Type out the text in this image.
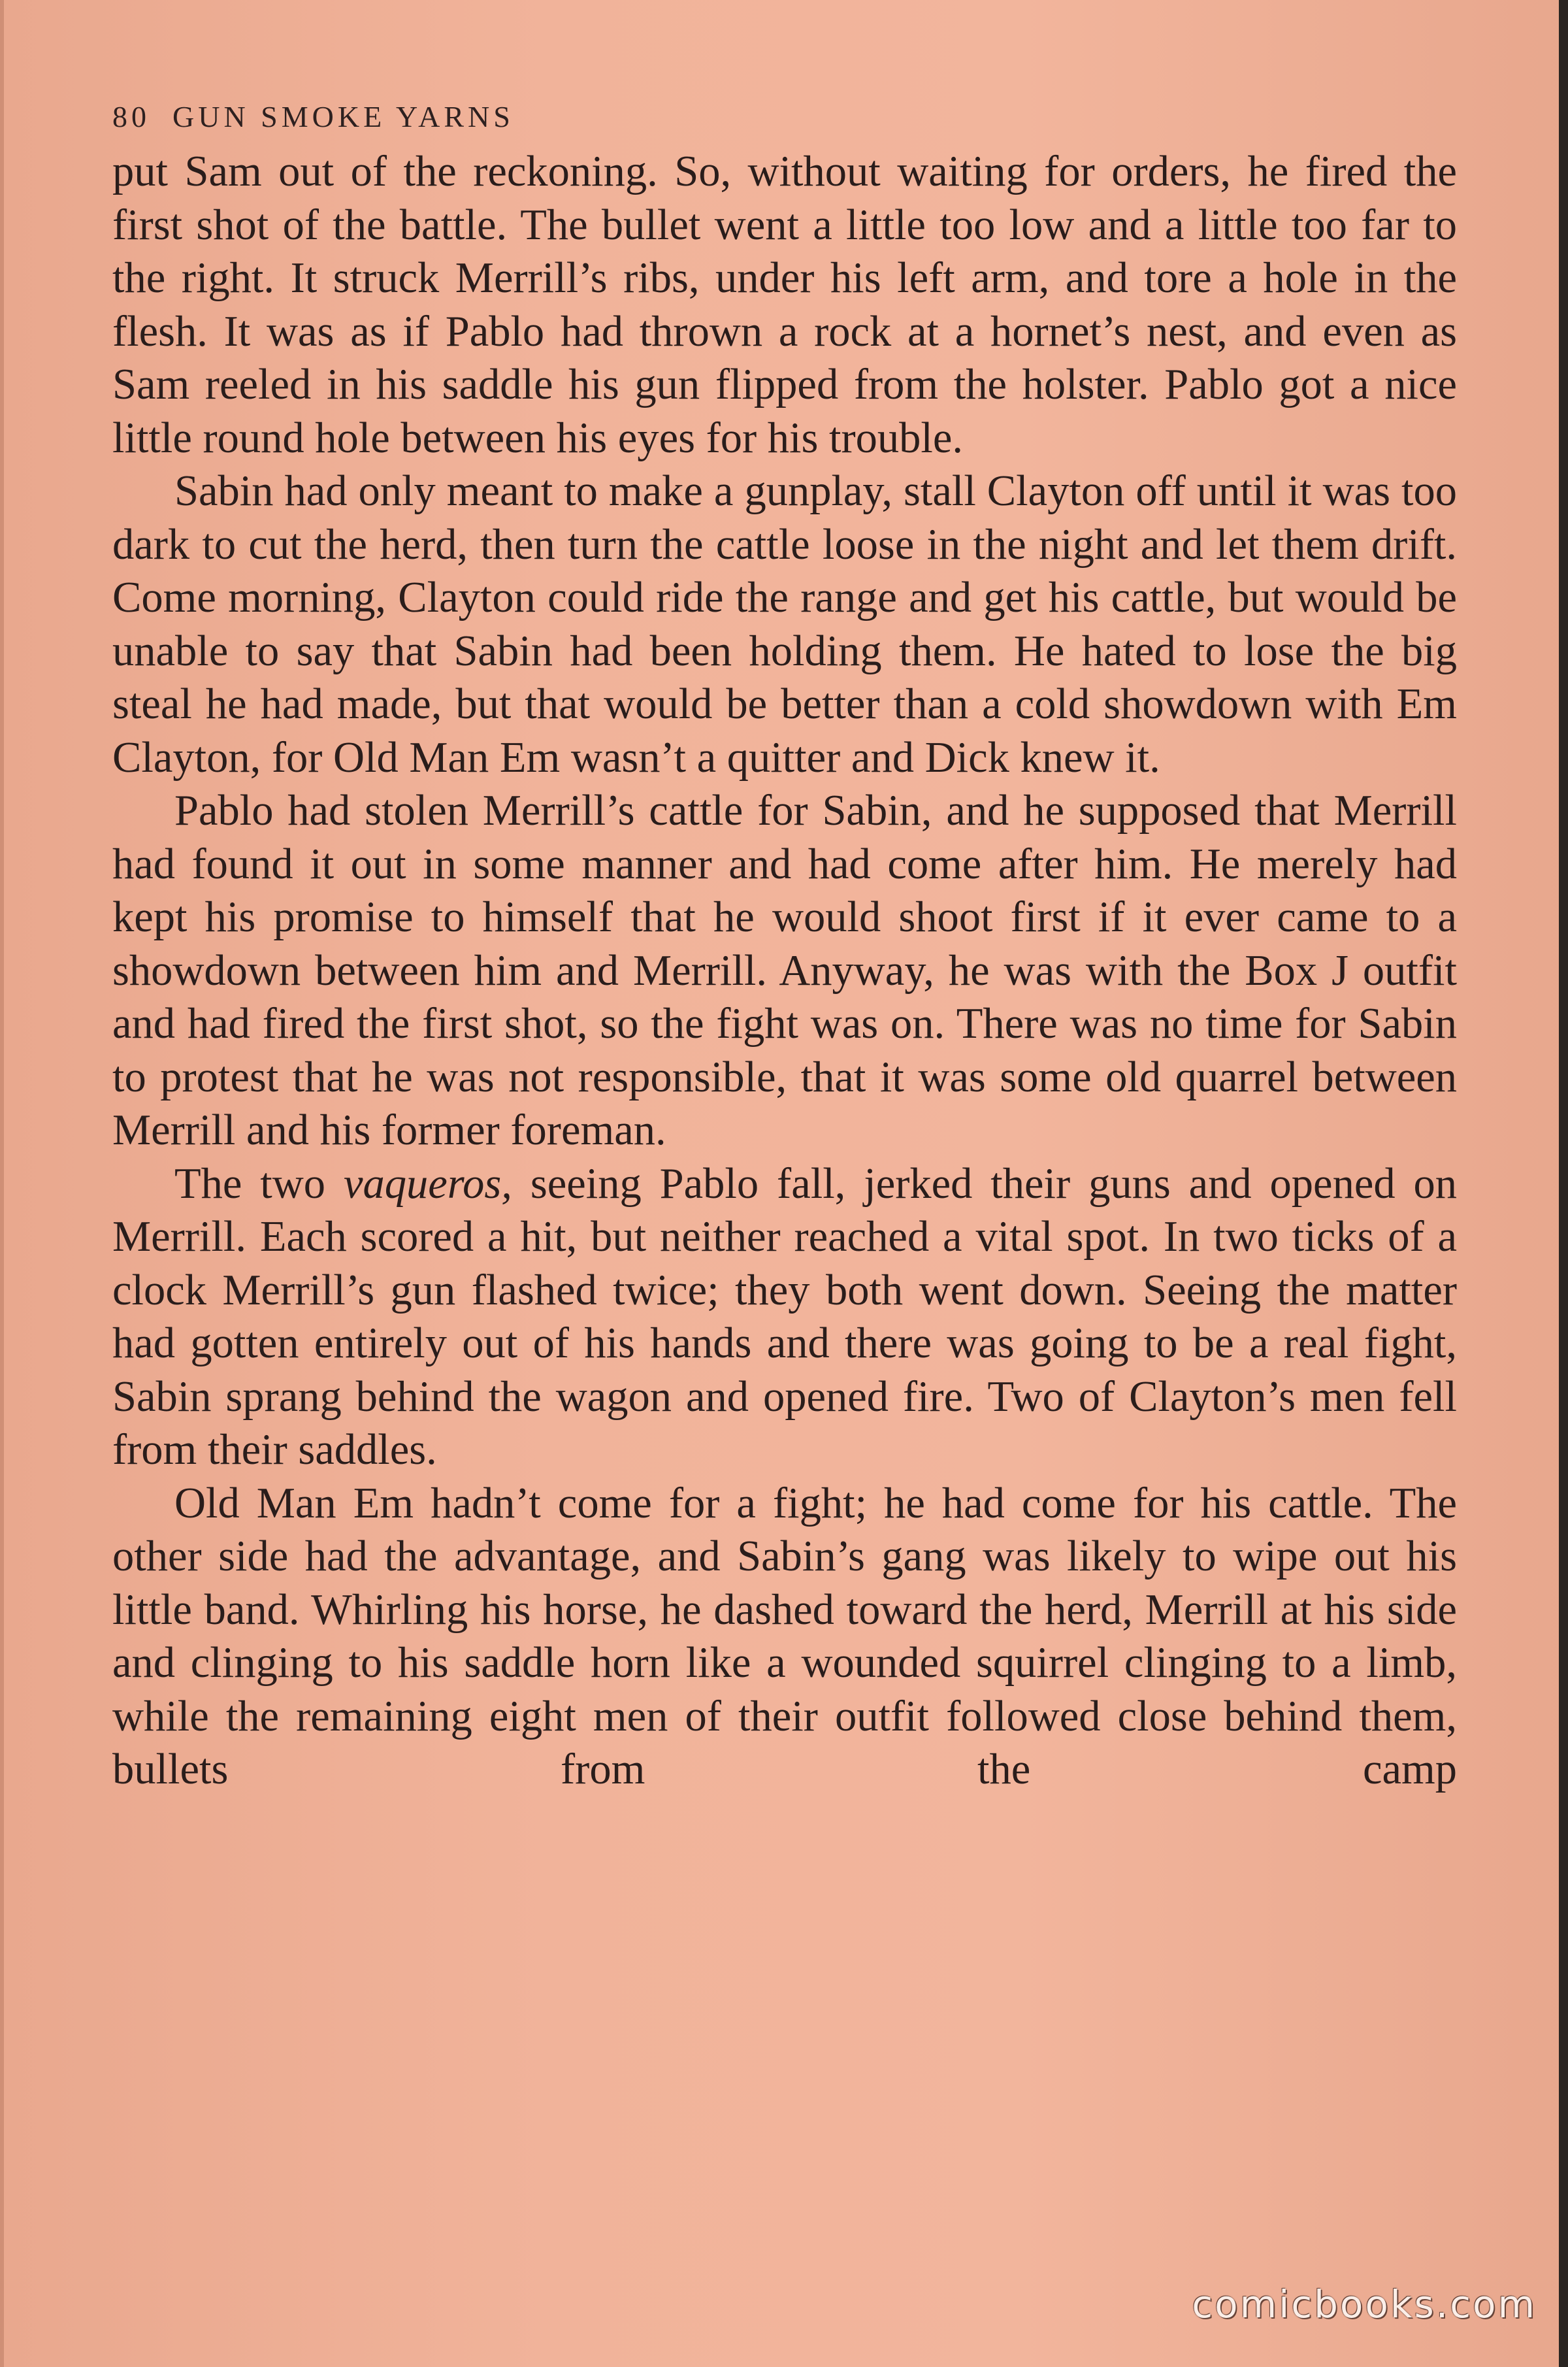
80 GUN SMOKE YARNS

put Sam out of the reckoning. So, without waiting for orders, he fired the first shot of the battle. The bullet went a little too low and a little too far to the right. It struck Merrill’s ribs, under his left arm, and tore a hole in the flesh. It was as if Pablo had thrown a rock at a hornet’s nest, and even as Sam reeled in his saddle his gun flipped from the holster. Pablo got a nice little round hole between his eyes for his trouble.

Sabin had only meant to make a gunplay, stall Clayton off until it was too dark to cut the herd, then turn the cattle loose in the night and let them drift. Come morning, Clayton could ride the range and get his cattle, but would be unable to say that Sabin had been holding them. He hated to lose the big steal he had made, but that would be better than a cold showdown with Em Clayton, for Old Man Em wasn’t a quitter and Dick knew it.

Pablo had stolen Merrill’s cattle for Sabin, and he supposed that Merrill had found it out in some manner and had come after him. He merely had kept his promise to himself that he would shoot first if it ever came to a showdown between him and Merrill. Anyway, he was with the Box J outfit and had fired the first shot, so the fight was on. There was no time for Sabin to protest that he was not responsible, that it was some old quarrel between Merrill and his former foreman.

The two vaqueros, seeing Pablo fall, jerked their guns and opened on Merrill. Each scored a hit, but neither reached a vital spot. In two ticks of a clock Merrill’s gun flashed twice; they both went down. Seeing the matter had gotten entirely out of his hands and there was going to be a real fight, Sabin sprang behind the wagon and opened fire. Two of Clayton’s men fell from their saddles.

Old Man Em hadn’t come for a fight; he had come for his cattle. The other side had the advantage, and Sabin’s gang was likely to wipe out his little band. Whirling his horse, he dashed toward the herd, Merrill at his side and clinging to his saddle horn like a wounded squirrel clinging to a limb, while the remaining eight men of their outfit followed close behind them, bullets from the camp

comicbooks.com
